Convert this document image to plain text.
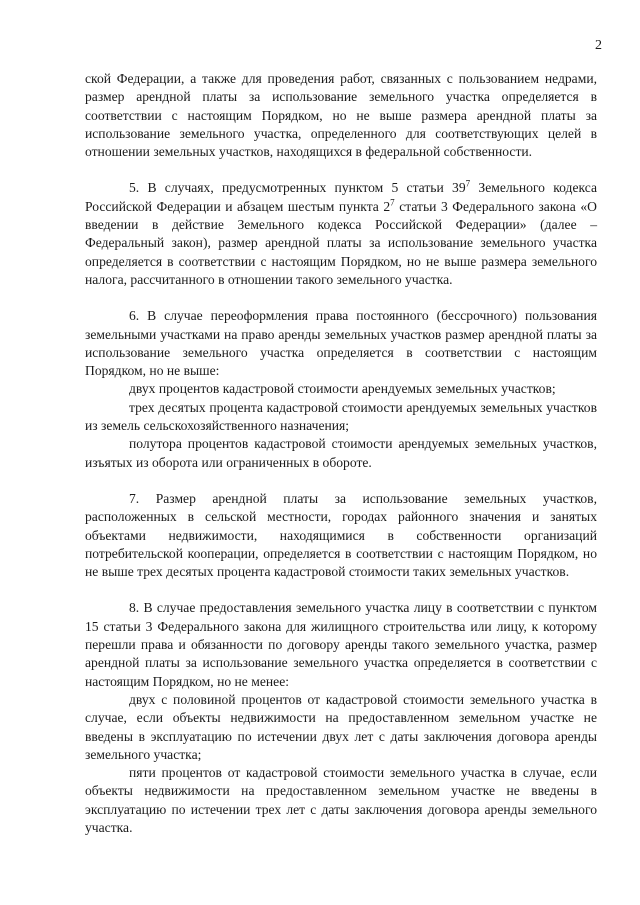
2

ской Федерации, а также для проведения работ, связанных с пользованием недрами, размер арендной платы за использование земельного участка определяется в соответствии с настоящим Порядком, но не выше размера арендной платы за использование земельного участка, определенного для соответствующих целей в отношении земельных участков, находящихся в федеральной собственности.

5. В случаях, предусмотренных пунктом 5 статьи $39^7$ Земельного кодекса Российской Федерации и абзацем шестым пункта $2^7$ статьи 3 Федерального закона «О введении в действие Земельного кодекса Российской Федерации» (далее – Федеральный закон), размер арендной платы за использование земельного участка определяется в соответствии с настоящим Порядком, но не выше размера земельного налога, рассчитанного в отношении такого земельного участка.

6. В случае переоформления права постоянного (бессрочного) пользования земельными участками на право аренды земельных участков размер арендной платы за использование земельного участка определяется в соответствии с настоящим Порядком, но не выше:

двух процентов кадастровой стоимости арендуемых земельных участков;

трех десятых процента кадастровой стоимости арендуемых земельных участков из земель сельскохозяйственного назначения;

полутора процентов кадастровой стоимости арендуемых земельных участков, изъятых из оборота или ограниченных в обороте.

7. Размер арендной платы за использование земельных участков, расположенных в сельской местности, городах районного значения и занятых объектами недвижимости, находящимися в собственности организаций потребительской кооперации, определяется в соответствии с настоящим Порядком, но не выше трех десятых процента кадастровой стоимости таких земельных участков.

8. В случае предоставления земельного участка лицу в соответствии с пунктом 15 статьи 3 Федерального закона для жилищного строительства или лицу, к которому перешли права и обязанности по договору аренды такого земельного участка, размер арендной платы за использование земельного участка определяется в соответствии с настоящим Порядком, но не менее:

двух с половиной процентов от кадастровой стоимости земельного участка в случае, если объекты недвижимости на предоставленном земельном участке не введены в эксплуатацию по истечении двух лет с даты заключения договора аренды земельного участка;

пяти процентов от кадастровой стоимости земельного участка в случае, если объекты недвижимости на предоставленном земельном участке не введены в эксплуатацию по истечении трех лет с даты заключения договора аренды земельного участка.
